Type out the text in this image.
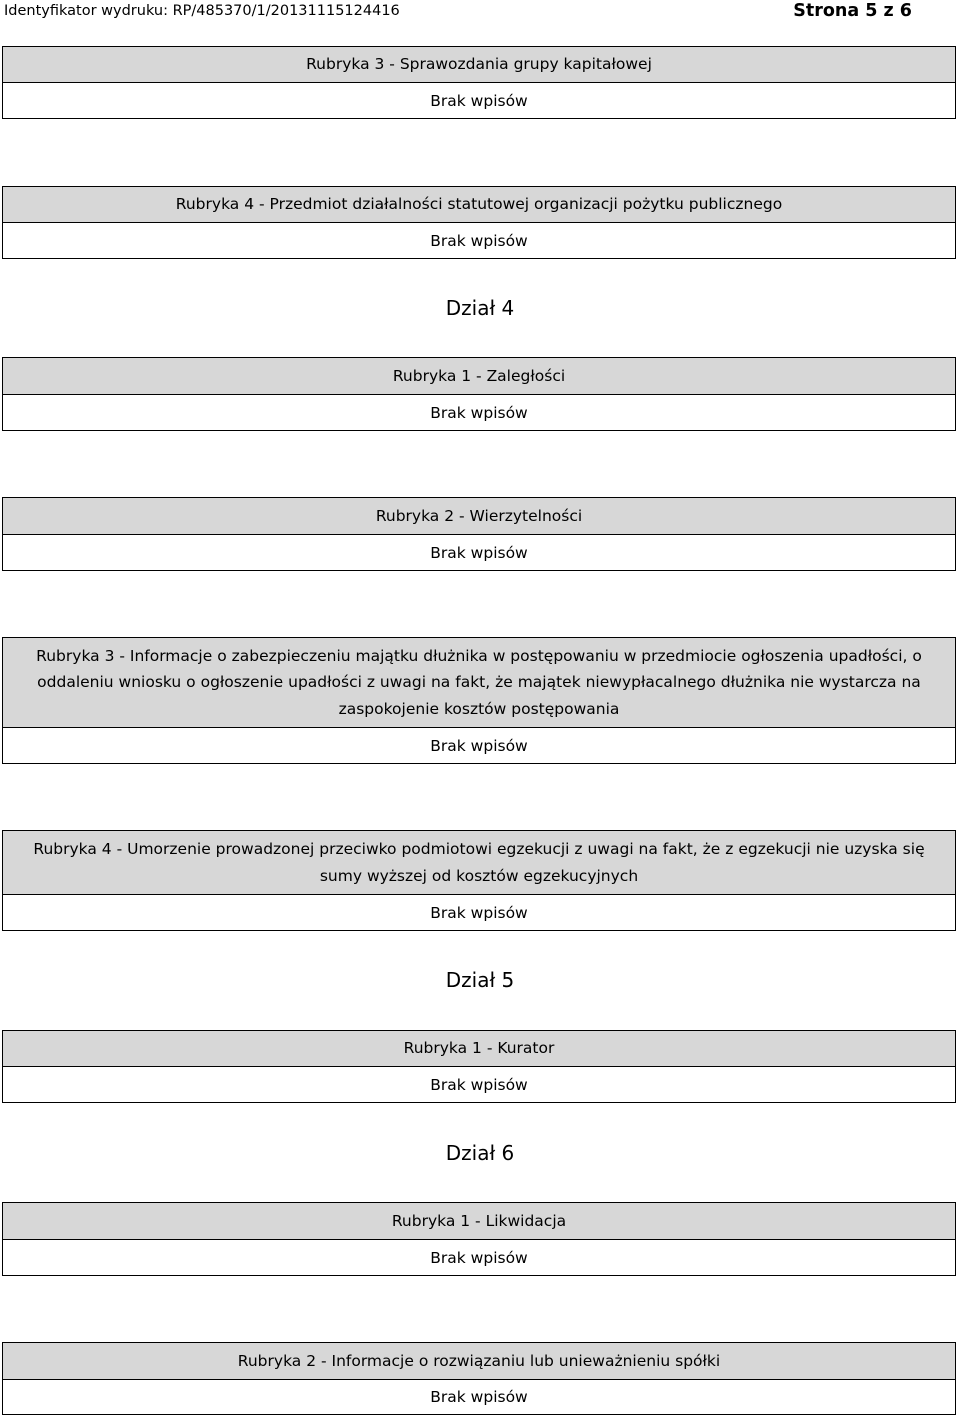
Identyfikator wydruku: RP/485370/1/20131115124416	Strona 5 z 6
Rubryka 3 - Sprawozdania grupy kapitałowej
Brak wpisów
Rubryka 4 - Przedmiot działalności statutowej organizacji pożytku publicznego
Brak wpisów
Dział 4
Rubryka 1 - Zaległości
Brak wpisów
Rubryka 2 - Wierzytelności
Brak wpisów
Rubryka 3 - Informacje o zabezpieczeniu majątku dłużnika w postępowaniu w przedmiocie ogłoszenia upadłości, o oddaleniu wniosku o ogłoszenie upadłości z uwagi na fakt, że majątek niewypłacalnego dłużnika nie wystarcza na zaspokojenie kosztów postępowania
Brak wpisów
Rubryka 4 - Umorzenie prowadzonej przeciwko podmiotowi egzekucji z uwagi na fakt, że z egzekucji nie uzyska się sumy wyższej od kosztów egzekucyjnych
Brak wpisów
Dział 5
Rubryka 1 - Kurator
Brak wpisów
Dział 6
Rubryka 1 - Likwidacja
Brak wpisów
Rubryka 2 - Informacje o rozwiązaniu lub unieważnieniu spółki
Brak wpisów
